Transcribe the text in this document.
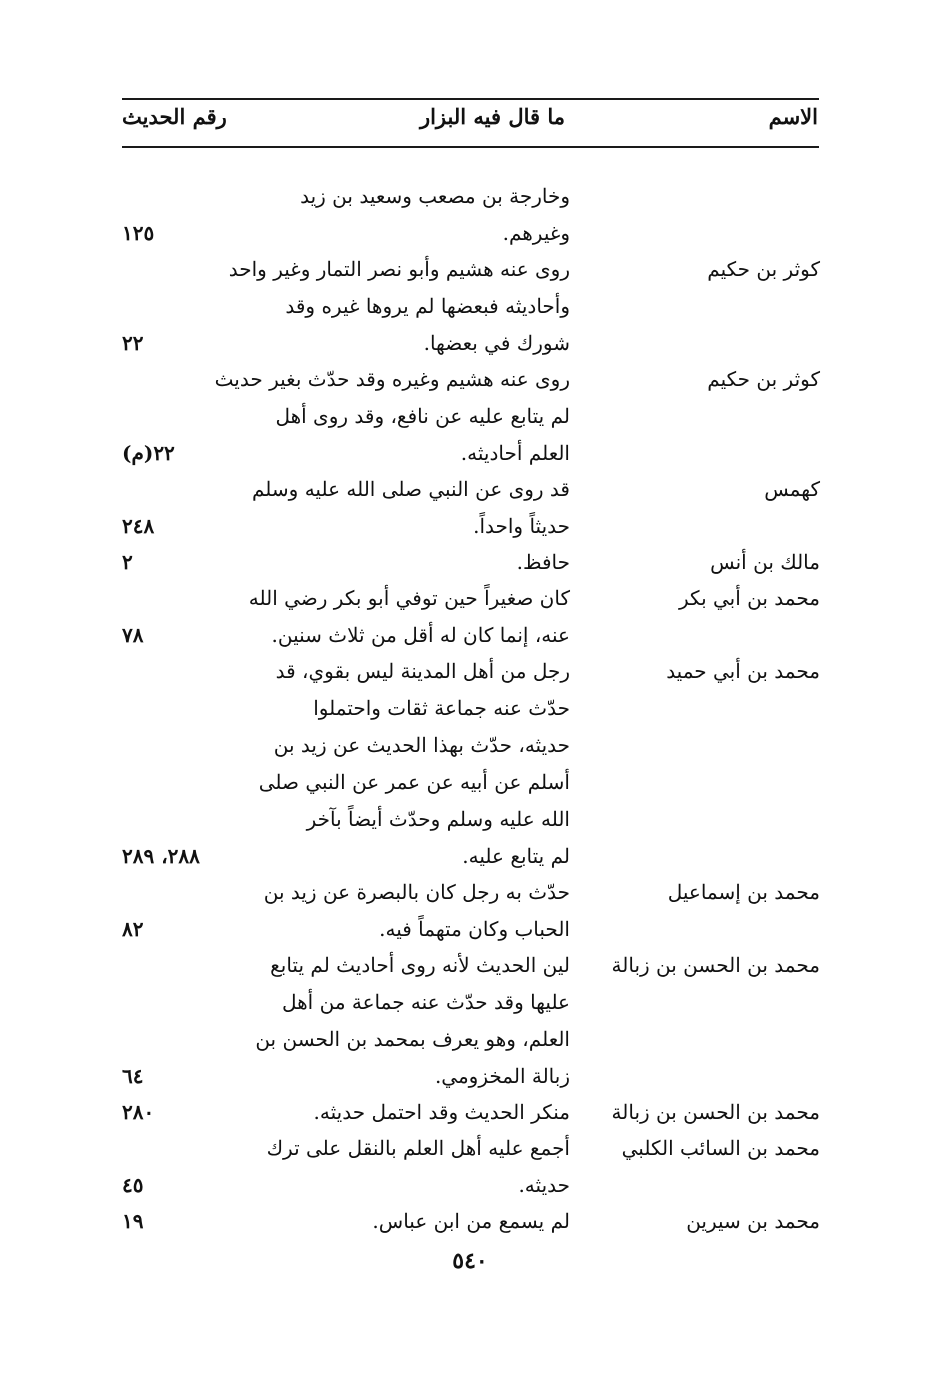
الاسم
ما قال فيه البزار
رقم الحديث
وخارجة بن مصعب وسعيد بن زيد
وغيرهم.
١٢٥
كوثر بن حكيم
روى عنه هشيم وأبو نصر التمار وغير واحد
وأحاديثه فبعضها لم يروها غيره وقد
شورك في بعضها.
٢٢
كوثر بن حكيم
روى عنه هشيم وغيره وقد حدّث بغير حديث
لم يتابع عليه عن نافع، وقد روى أهل
العلم أحاديثه.
٢٢(م)
كهمس
قد روى عن النبي صلى الله عليه وسلم
حديثاً واحداً.
٢٤٨
مالك بن أنس
حافظ.
٢
محمد بن أبي بكر
كان صغيراً حين توفي أبو بكر رضي الله
عنه، إنما كان له أقل من ثلاث سنين.
٧٨
محمد بن أبي حميد
رجل من أهل المدينة ليس بقوي، قد
حدّث عنه جماعة ثقات واحتملوا
حديثه، حدّث بهذا الحديث عن زيد بن
أسلم عن أبيه عن عمر عن النبي صلى
الله عليه وسلم وحدّث أيضاً بآخر
لم يتابع عليه.
٢٨٨، ٢٨٩
محمد بن إسماعيل
حدّث به رجل كان بالبصرة عن زيد بن
الحباب وكان متهماً فيه.
٨٢
محمد بن الحسن بن زبالة
لين الحديث لأنه روى أحاديث لم يتابع
عليها وقد حدّث عنه جماعة من أهل
العلم، وهو يعرف بمحمد بن الحسن بن
زبالة المخزومي.
٦٤
محمد بن الحسن بن زبالة
منكر الحديث وقد احتمل حديثه.
٢٨٠
محمد بن السائب الكلبي
أجمع عليه أهل العلم بالنقل على ترك
حديثه.
٤٥
محمد بن سيرين
لم يسمع من ابن عباس.
١٩
٥٤٠
